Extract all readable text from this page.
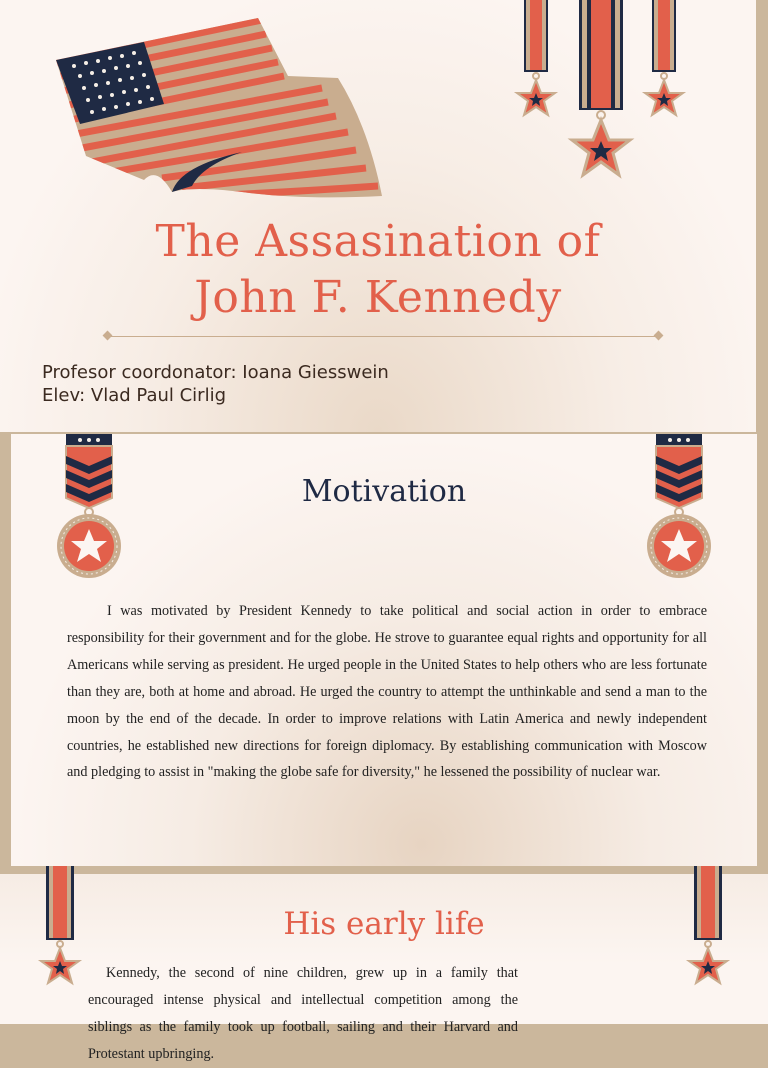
The Assasination of
John F. Kennedy
Profesor coordonator: Ioana Giesswein
Elev: Vlad Paul Cirlig
Motivation

I was motivated by President Kennedy to take political and social action in order to embrace responsibility for their government and for the globe. He strove to guarantee equal rights and opportunity for all Americans while serving as president. He urged people in the United States to help others who are less fortunate than they are, both at home and abroad. He urged the country to attempt the unthinkable and send a man to the moon by the end of the decade. In order to improve relations with Latin America and newly independent countries, he established new directions for foreign diplomacy. By establishing communication with Moscow and pledging to assist in "making the globe safe for diversity," he lessened the possibility of nuclear war.

His early life

Kennedy, the second of nine children, grew up in a family that encouraged intense physical and intellectual competition among the siblings as the family took up football, sailing and their Harvard and Protestant upbringing.
